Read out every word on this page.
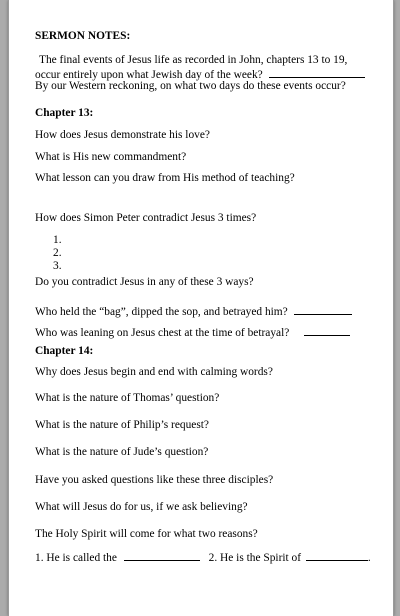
SERMON NOTES:
The final events of Jesus life as recorded in John, chapters 13 to 19,
occur entirely upon what Jewish day of the week?
By our Western reckoning, on what two days do these events occur?
Chapter 13:
How does Jesus demonstrate his love?
What is His new commandment?
What lesson can you draw from His method of teaching?
How does Simon Peter contradict Jesus 3 times?
1.
2.
3.
Do you contradict Jesus in any of these 3 ways?
Who held the “bag”, dipped the sop, and betrayed him?
Who was leaning on Jesus chest at the time of betrayal?
Chapter 14:
Why does Jesus begin and end with calming words?
What is the nature of Thomas’ question?
What is the nature of Philip’s request?
What is the nature of Jude’s question?
Have you asked questions like these three disciples?
What will Jesus do for us, if we ask believing?
The Holy Spirit will come for what two reasons?
1. He is called the	2. He is the Spirit of	.
